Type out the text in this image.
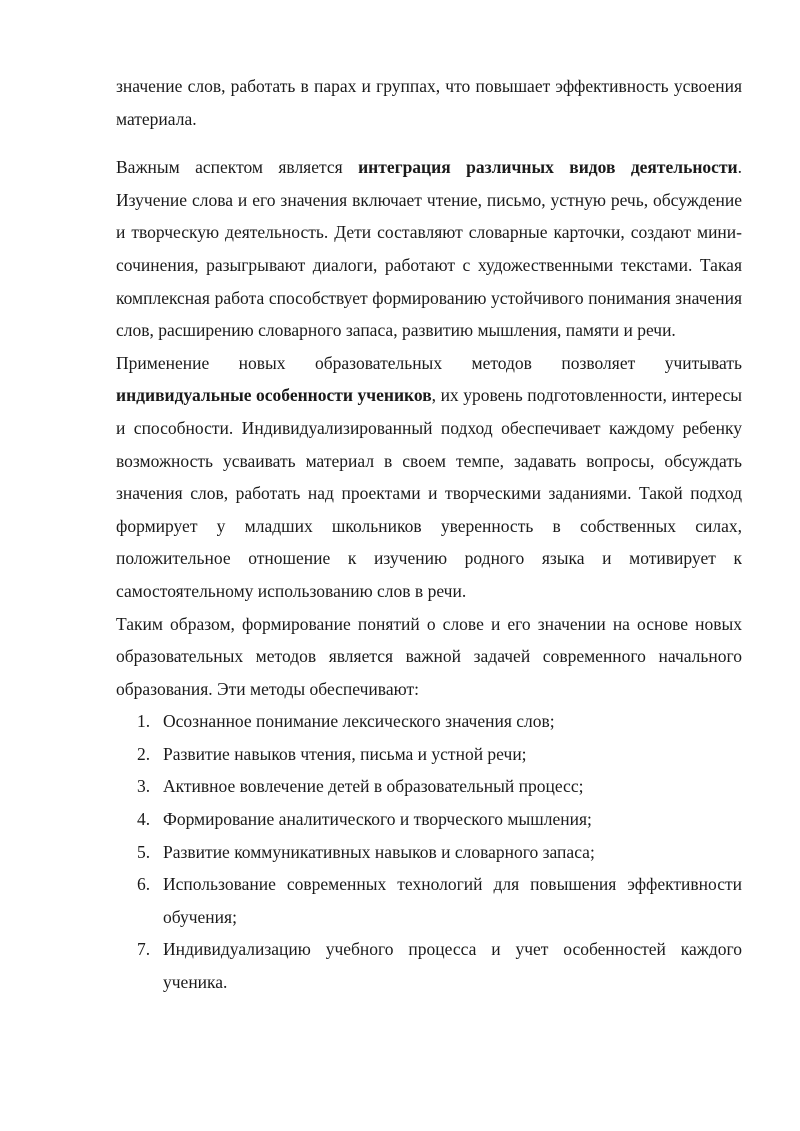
значение слов, работать в парах и группах, что повышает эффективность усвоения материала.

Важным аспектом является интеграция различных видов деятельности. Изучение слова и его значения включает чтение, письмо, устную речь, обсуждение и творческую деятельность. Дети составляют словарные карточки, создают мини-сочинения, разыгрывают диалоги, работают с художественными текстами. Такая комплексная работа способствует формированию устойчивого понимания значения слов, расширению словарного запаса, развитию мышления, памяти и речи.

Применение новых образовательных методов позволяет учитывать индивидуальные особенности учеников, их уровень подготовленности, интересы и способности. Индивидуализированный подход обеспечивает каждому ребенку возможность усваивать материал в своем темпе, задавать вопросы, обсуждать значения слов, работать над проектами и творческими заданиями. Такой подход формирует у младших школьников уверенность в собственных силах, положительное отношение к изучению родного языка и мотивирует к самостоятельному использованию слов в речи.

Таким образом, формирование понятий о слове и его значении на основе новых образовательных методов является важной задачей современного начального образования. Эти методы обеспечивают:

1. Осознанное понимание лексического значения слов;
2. Развитие навыков чтения, письма и устной речи;
3. Активное вовлечение детей в образовательный процесс;
4. Формирование аналитического и творческого мышления;
5. Развитие коммуникативных навыков и словарного запаса;
6. Использование современных технологий для повышения эффективности обучения;
7. Индивидуализацию учебного процесса и учет особенностей каждого ученика.
